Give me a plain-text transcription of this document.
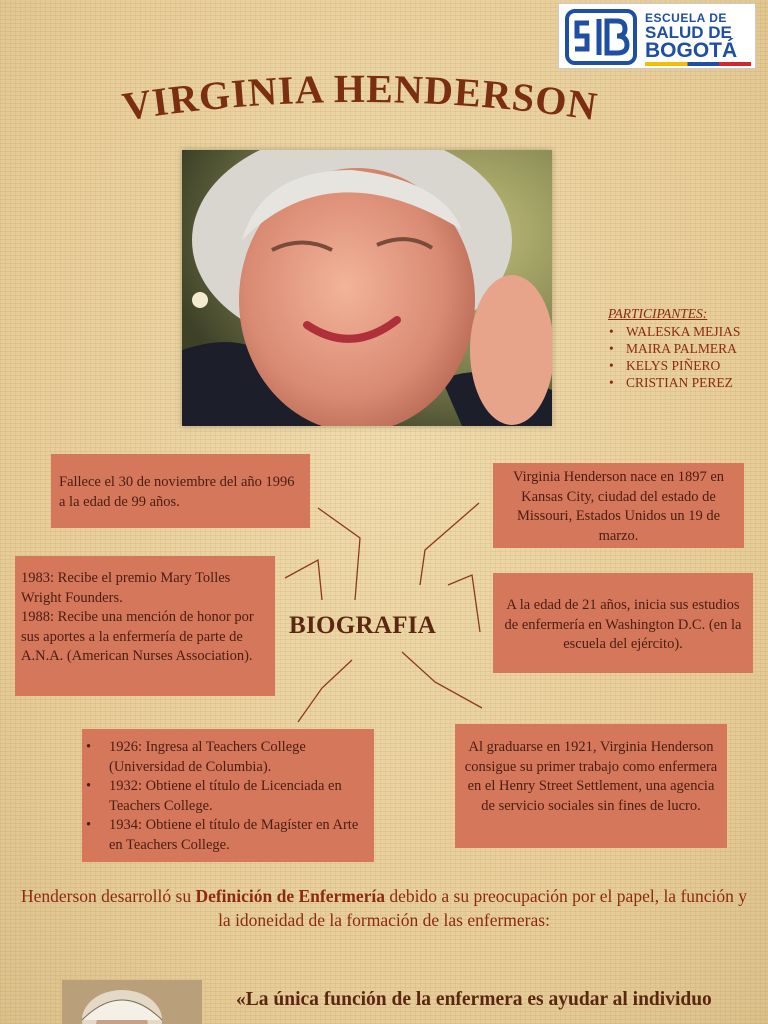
ESCUELA DE
SALUD DE
BOGOTÁ
VIRGINIA HENDERSON
PARTICIPANTES:
• WALESKA MEJIAS
• MAIRA PALMERA
• KELYS PIÑERO
• CRISTIAN PEREZ
Fallece el 30 de noviembre del año 1996 a la edad de 99 años.
Virginia Henderson nace en 1897 en Kansas City, ciudad del estado de Missouri, Estados Unidos un 19 de marzo.
1983: Recibe el premio Mary Tolles Wright Founders.
1988: Recibe una mención de honor por sus aportes a la enfermería de parte de A.N.A. (American Nurses Association).
A la edad de 21 años, inicia sus estudios de enfermería en Washington D.C. (en la escuela del ejército).
• 1926: Ingresa al Teachers College (Universidad de Columbia).
• 1932: Obtiene el título de Licenciada en Teachers College.
• 1934: Obtiene el título de Magíster en Arte en Teachers College.
Al graduarse en 1921, Virginia Henderson consigue su primer trabajo como enfermera en el Henry Street Settlement, una agencia de servicio sociales sin fines de lucro.
BIOGRAFIA
Henderson desarrolló su Definición de Enfermería debido a su preocupación por el papel, la función y la idoneidad de la formación de las enfermeras:
«La única función de la enfermera es ayudar al individuo
